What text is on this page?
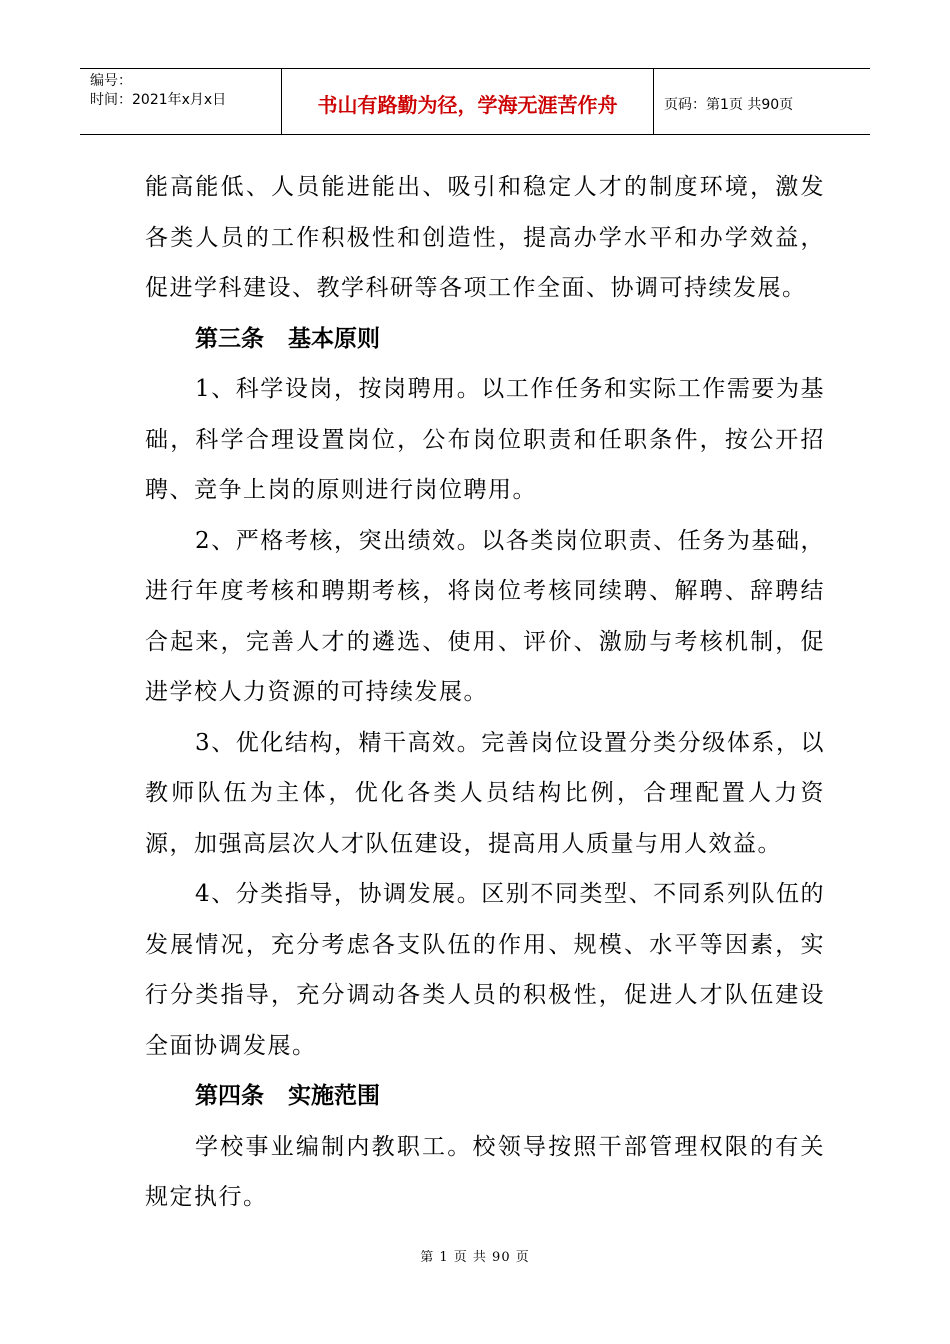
编号：
时间：2021年x月x日	书山有路勤为径，学海无涯苦作舟	页码：第1页 共90页

能高能低、人员能进能出、吸引和稳定人才的制度环境，激发各类人员的工作积极性和创造性，提高办学水平和办学效益，促进学科建设、教学科研等各项工作全面、协调可持续发展。

第三条   基本原则

1、科学设岗，按岗聘用。以工作任务和实际工作需要为基础，科学合理设置岗位，公布岗位职责和任职条件，按公开招聘、竞争上岗的原则进行岗位聘用。

2、严格考核，突出绩效。以各类岗位职责、任务为基础，进行年度考核和聘期考核，将岗位考核同续聘、解聘、辞聘结合起来，完善人才的遴选、使用、评价、激励与考核机制，促进学校人力资源的可持续发展。

3、优化结构，精干高效。完善岗位设置分类分级体系，以教师队伍为主体，优化各类人员结构比例，合理配置人力资源，加强高层次人才队伍建设，提高用人质量与用人效益。

4、分类指导，协调发展。区别不同类型、不同系列队伍的发展情况，充分考虑各支队伍的作用、规模、水平等因素，实行分类指导，充分调动各类人员的积极性，促进人才队伍建设全面协调发展。

第四条   实施范围

学校事业编制内教职工。校领导按照干部管理权限的有关规定执行。

第 1 页 共 90 页
